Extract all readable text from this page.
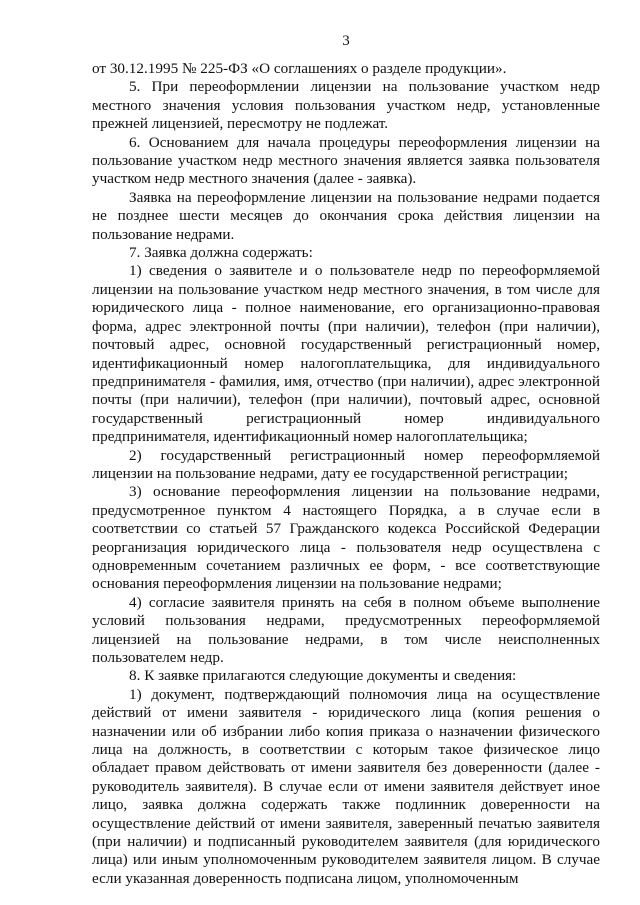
3

от 30.12.1995 № 225-ФЗ «О соглашениях о разделе продукции».

5. При переоформлении лицензии на пользование участком недр местного значения условия пользования участком недр, установленные прежней лицензией, пересмотру не подлежат.

6. Основанием для начала процедуры переоформления лицензии на пользование участком недр местного значения является заявка пользователя участком недр местного значения (далее - заявка).

Заявка на переоформление лицензии на пользование недрами подается не позднее шести месяцев до окончания срока действия лицензии на пользование недрами.

7. Заявка должна содержать:

1) сведения о заявителе и о пользователе недр по переоформляемой лицензии на пользование участком недр местного значения, в том числе для юридического лица - полное наименование, его организационно-правовая форма, адрес электронной почты (при наличии), телефон (при наличии), почтовый адрес, основной государственный регистрационный номер, идентификационный номер налогоплательщика, для индивидуального предпринимателя - фамилия, имя, отчество (при наличии), адрес электронной почты (при наличии), телефон (при наличии), почтовый адрес, основной государственный регистрационный номер индивидуального предпринимателя, идентификационный номер налогоплательщика;

2) государственный регистрационный номер переоформляемой лицензии на пользование недрами, дату ее государственной регистрации;

3) основание переоформления лицензии на пользование недрами, предусмотренное пунктом 4 настоящего Порядка, а в случае если в соответствии со статьей 57 Гражданского кодекса Российской Федерации реорганизация юридического лица - пользователя недр осуществлена с одновременным сочетанием различных ее форм, - все соответствующие основания переоформления лицензии на пользование недрами;

4) согласие заявителя принять на себя в полном объеме выполнение условий пользования недрами, предусмотренных переоформляемой лицензией на пользование недрами, в том числе неисполненных пользователем недр.

8. К заявке прилагаются следующие документы и сведения:

1) документ, подтверждающий полномочия лица на осуществление действий от имени заявителя - юридического лица (копия решения о назначении или об избрании либо копия приказа о назначении физического лица на должность, в соответствии с которым такое физическое лицо обладает правом действовать от имени заявителя без доверенности (далее - руководитель заявителя). В случае если от имени заявителя действует иное лицо, заявка должна содержать также подлинник доверенности на осуществление действий от имени заявителя, заверенный печатью заявителя (при наличии) и подписанный руководителем заявителя (для юридического лица) или иным уполномоченным руководителем заявителя лицом. В случае если указанная доверенность подписана лицом, уполномоченным
